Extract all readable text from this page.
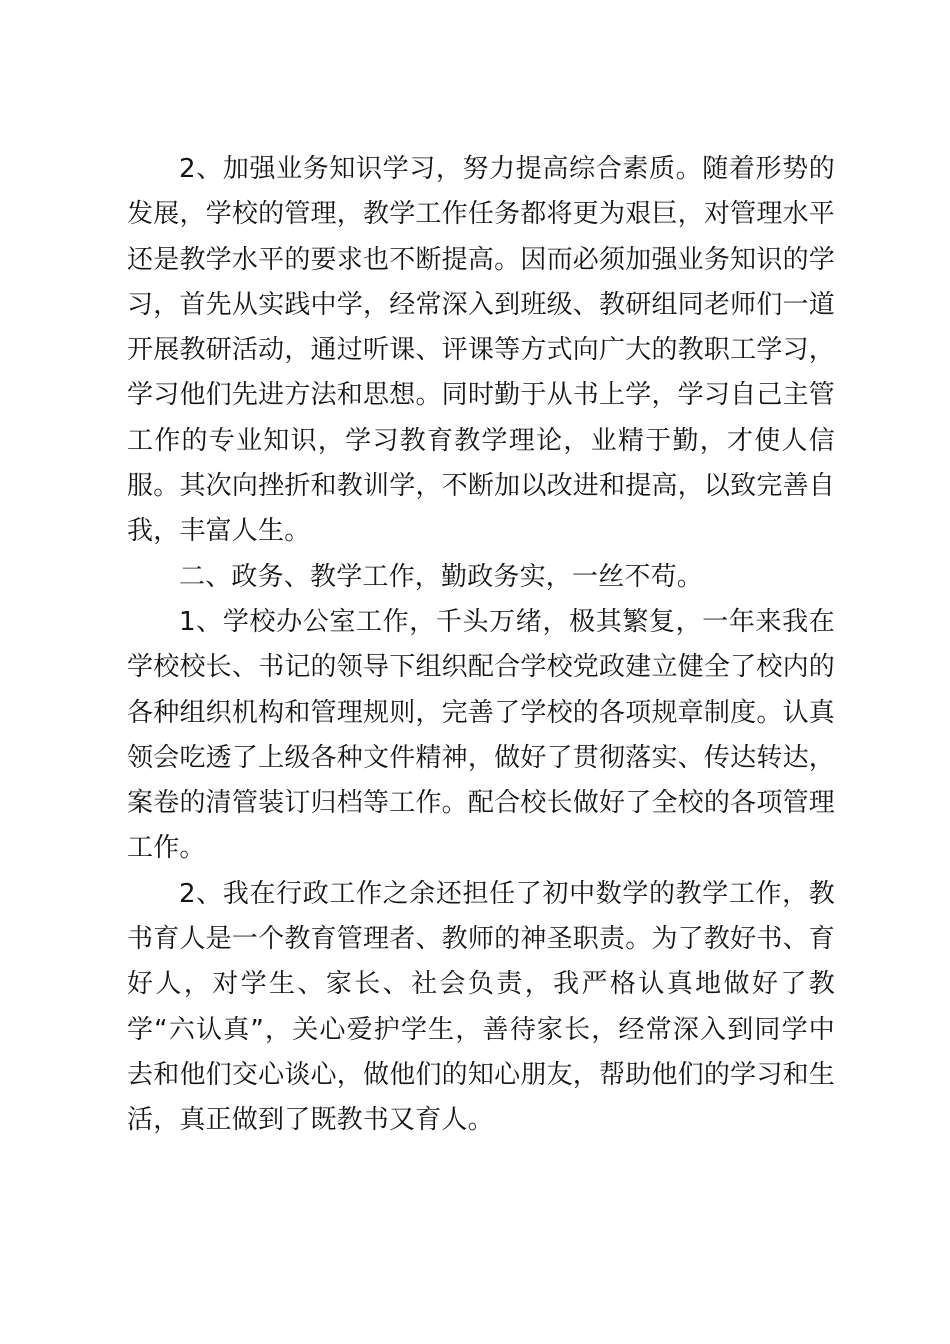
2、加强业务知识学习，努力提高综合素质。随着形势的发展，学校的管理，教学工作任务都将更为艰巨，对管理水平还是教学水平的要求也不断提高。因而必须加强业务知识的学习，首先从实践中学，经常深入到班级、教研组同老师们一道开展教研活动，通过听课、评课等方式向广大的教职工学习，学习他们先进方法和思想。同时勤于从书上学，学习自己主管工作的专业知识，学习教育教学理论，业精于勤，才使人信服。其次向挫折和教训学，不断加以改进和提高，以致完善自我，丰富人生。

二、政务、教学工作，勤政务实，一丝不苟。

1、学校办公室工作，千头万绪，极其繁复，一年来我在学校校长、书记的领导下组织配合学校党政建立健全了校内的各种组织机构和管理规则，完善了学校的各项规章制度。认真领会吃透了上级各种文件精神，做好了贯彻落实、传达转达，案卷的清管装订归档等工作。配合校长做好了全校的各项管理工作。

2、我在行政工作之余还担任了初中数学的教学工作，教书育人是一个教育管理者、教师的神圣职责。为了教好书、育好人，对学生、家长、社会负责，我严格认真地做好了教学“六认真”，关心爱护学生，善待家长，经常深入到同学中去和他们交心谈心，做他们的知心朋友，帮助他们的学习和生活，真正做到了既教书又育人。
